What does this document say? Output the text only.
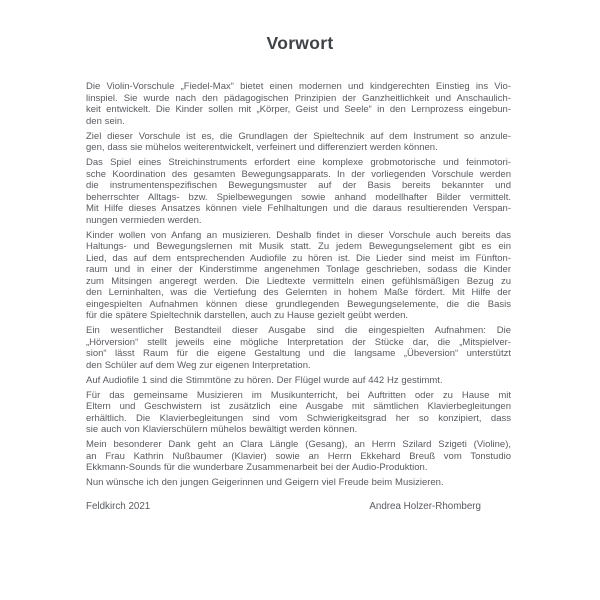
Vorwort

Die Violin-Vorschule „Fiedel-Max“ bietet einen modernen und kindgerechten Einstieg ins Vio-
linspiel. Sie wurde nach den pädagogischen Prinzipien der Ganzheitlichkeit und Anschaulich-
keit entwickelt. Die Kinder sollen mit „Körper, Geist und Seele“ in den Lernprozess eingebun-
den sein.

Ziel dieser Vorschule ist es, die Grundlagen der Spieltechnik auf dem Instrument so anzule-
gen, dass sie mühelos weiterentwickelt, verfeinert und differenziert werden können.

Das Spiel eines Streichinstruments erfordert eine komplexe grobmotorische und feinmotori-
sche Koordination des gesamten Bewegungsapparats. In der vorliegenden Vorschule werden
die instrumentenspezifischen Bewegungsmuster auf der Basis bereits bekannter und
beherrschter Alltags- bzw. Spielbewegungen sowie anhand modellhafter Bilder vermittelt.
Mit Hilfe dieses Ansatzes können viele Fehlhaltungen und die daraus resultierenden Verspan-
nungen vermieden werden.

Kinder wollen von Anfang an musizieren. Deshalb findet in dieser Vorschule auch bereits das
Haltungs- und Bewegungslernen mit Musik statt. Zu jedem Bewegungselement gibt es ein
Lied, das auf dem entsprechenden Audiofile zu hören ist. Die Lieder sind meist im Fünfton-
raum und in einer der Kinderstimme angenehmen Tonlage geschrieben, sodass die Kinder
zum Mitsingen angeregt werden. Die Liedtexte vermitteln einen gefühlsmäßigen Bezug zu
den Lerninhalten, was die Vertiefung des Gelernten in hohem Maße fördert. Mit Hilfe der
eingespielten Aufnahmen können diese grundlegenden Bewegungselemente, die die Basis
für die spätere Spieltechnik darstellen, auch zu Hause gezielt geübt werden.

Ein wesentlicher Bestandteil dieser Ausgabe sind die eingespielten Aufnahmen: Die
„Hörversion“ stellt jeweils eine mögliche Interpretation der Stücke dar, die „Mitspielver-
sion“ lässt Raum für die eigene Gestaltung und die langsame „Übeversion“ unterstützt
den Schüler auf dem Weg zur eigenen Interpretation.

Auf Audiofile 1 sind die Stimmtöne zu hören. Der Flügel wurde auf 442 Hz gestimmt.

Für das gemeinsame Musizieren im Musikunterricht, bei Auftritten oder zu Hause mit
Eltern und Geschwistern ist zusätzlich eine Ausgabe mit sämtlichen Klavierbegleitungen
erhältlich. Die Klavierbegleitungen sind vom Schwierigkeitsgrad her so konzipiert, dass
sie auch von Klavierschülern mühelos bewältigt werden können.

Mein besonderer Dank geht an Clara Längle (Gesang), an Herrn Szilard Szigeti (Violine),
an Frau Kathrin Nußbaumer (Klavier) sowie an Herrn Ekkehard Breuß vom Tonstudio
Ekkmann-Sounds für die wunderbare Zusammenarbeit bei der Audio-Produktion.

Nun wünsche ich den jungen Geigerinnen und Geigern viel Freude beim Musizieren.

Feldkirch 2021	Andrea Holzer-Rhomberg
